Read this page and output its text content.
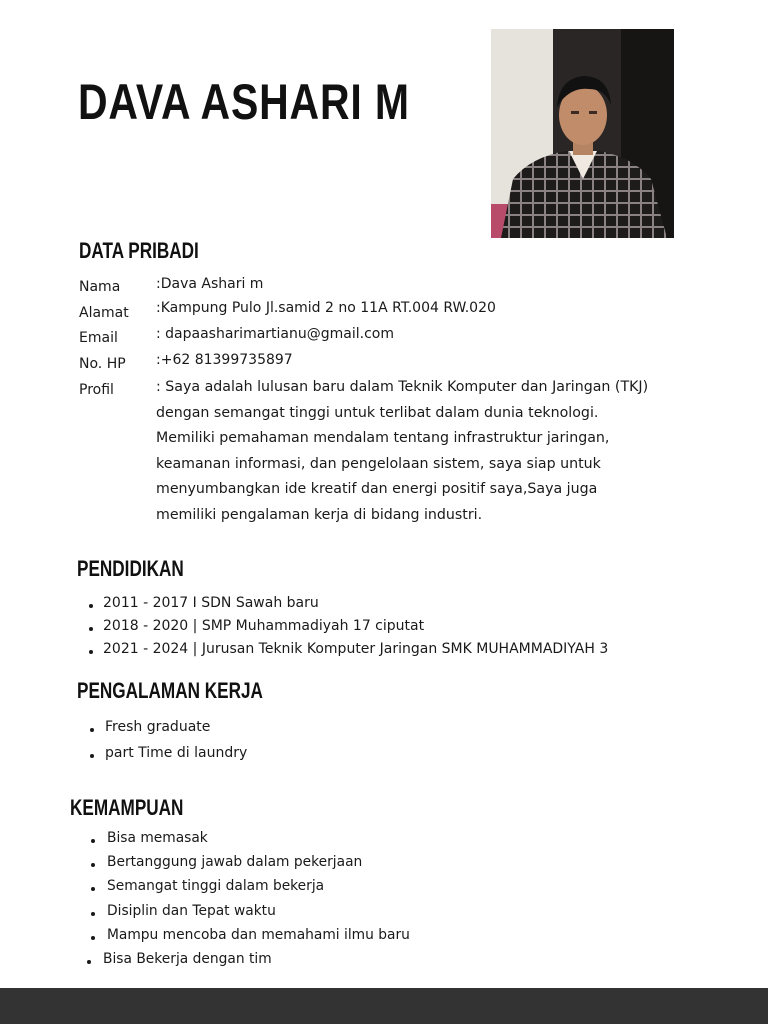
DAVA ASHARI M
DATA PRIBADI
Nama	:Dava Ashari m
Alamat :Kampung Pulo Jl.samid 2 no 11A RT.004 RW.020
Email	: dapaasharimartianu@gmail.com
No. HP :+62 81399735897
Profil	: Saya adalah lulusan baru dalam Teknik Komputer dan Jaringan (TKJ) dengan semangat tinggi untuk terlibat dalam dunia teknologi. Memiliki pemahaman mendalam tentang infrastruktur jaringan, keamanan informasi, dan pengelolaan sistem, saya siap untuk menyumbangkan ide kreatif dan energi positif saya,Saya juga memiliki pengalaman kerja di bidang industri.

PENDIDIKAN
2011 - 2017 I SDN Sawah baru
2018 - 2020 | SMP Muhammadiyah 17 ciputat
2021 - 2024 | Jurusan Teknik Komputer Jaringan SMK MUHAMMADIYAH 3
PENGALAMAN KERJA
Fresh graduate
part Time di laundry
KEMAMPUAN
Bisa memasak
Bertanggung jawab dalam pekerjaan
Semangat tinggi dalam bekerja
Disiplin dan Tepat waktu
Mampu mencoba dan memahami ilmu baru
Bisa Bekerja dengan tim
